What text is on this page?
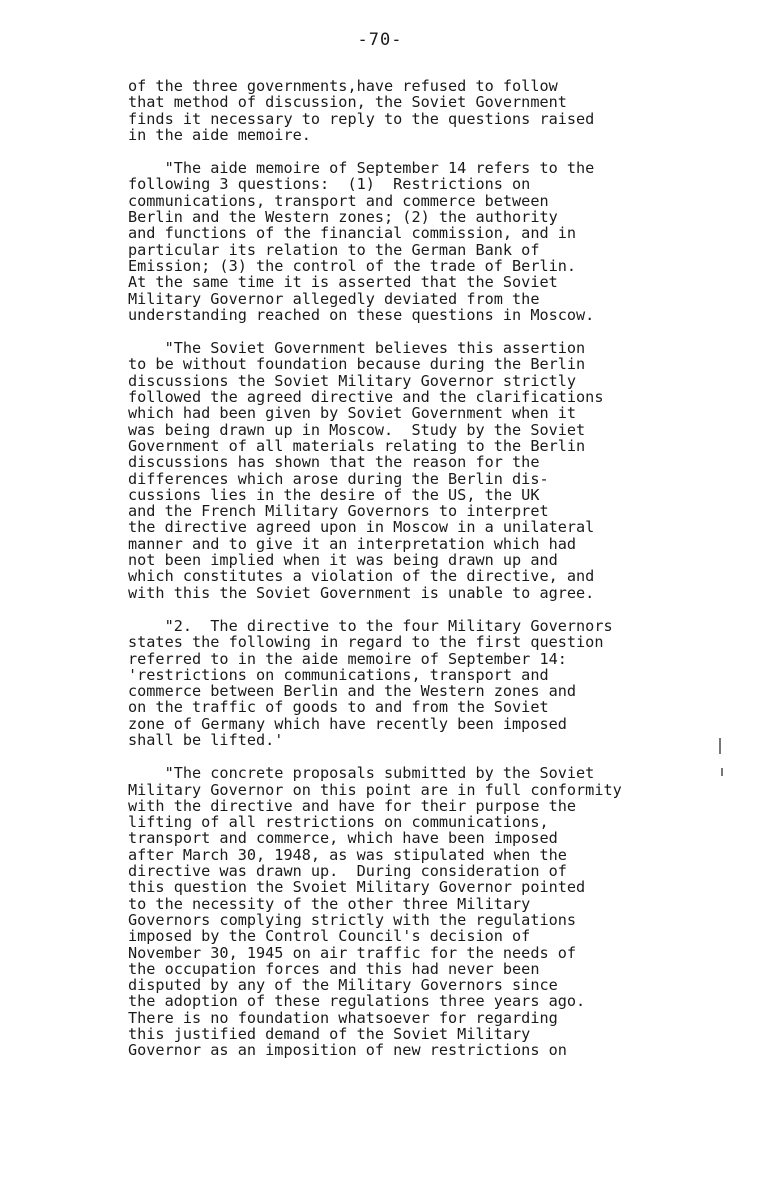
-70-
of the three governments,have refused to follow
that method of discussion, the Soviet Government
finds it necessary to reply to the questions raised
in the aide memoire.
"The aide memoire of September 14 refers to the
following 3 questions:  (1)  Restrictions on
communications, transport and commerce between
Berlin and the Western zones; (2) the authority
and functions of the financial commission, and in
particular its relation to the German Bank of
Emission; (3) the control of the trade of Berlin.
At the same time it is asserted that the Soviet
Military Governor allegedly deviated from the
understanding reached on these questions in Moscow.
"The Soviet Government believes this assertion
to be without foundation because during the Berlin
discussions the Soviet Military Governor strictly
followed the agreed directive and the clarifications
which had been given by Soviet Government when it
was being drawn up in Moscow.  Study by the Soviet
Government of all materials relating to the Berlin
discussions has shown that the reason for the
differences which arose during the Berlin dis-
cussions lies in the desire of the US, the UK
and the French Military Governors to interpret
the directive agreed upon in Moscow in a unilateral
manner and to give it an interpretation which had
not been implied when it was being drawn up and
which constitutes a violation of the directive, and
with this the Soviet Government is unable to agree.
"2.  The directive to the four Military Governors
states the following in regard to the first question
referred to in the aide memoire of September 14:
'restrictions on communications, transport and
commerce between Berlin and the Western zones and
on the traffic of goods to and from the Soviet
zone of Germany which have recently been imposed
shall be lifted.'
"The concrete proposals submitted by the Soviet
Military Governor on this point are in full conformity
with the directive and have for their purpose the
lifting of all restrictions on communications,
transport and commerce, which have been imposed
after March 30, 1948, as was stipulated when the
directive was drawn up.  During consideration of
this question the Svoiet Military Governor pointed
to the necessity of the other three Military
Governors complying strictly with the regulations
imposed by the Control Council's decision of
November 30, 1945 on air traffic for the needs of
the occupation forces and this had never been
disputed by any of the Military Governors since
the adoption of these regulations three years ago.
There is no foundation whatsoever for regarding
this justified demand of the Soviet Military
Governor as an imposition of new restrictions on
